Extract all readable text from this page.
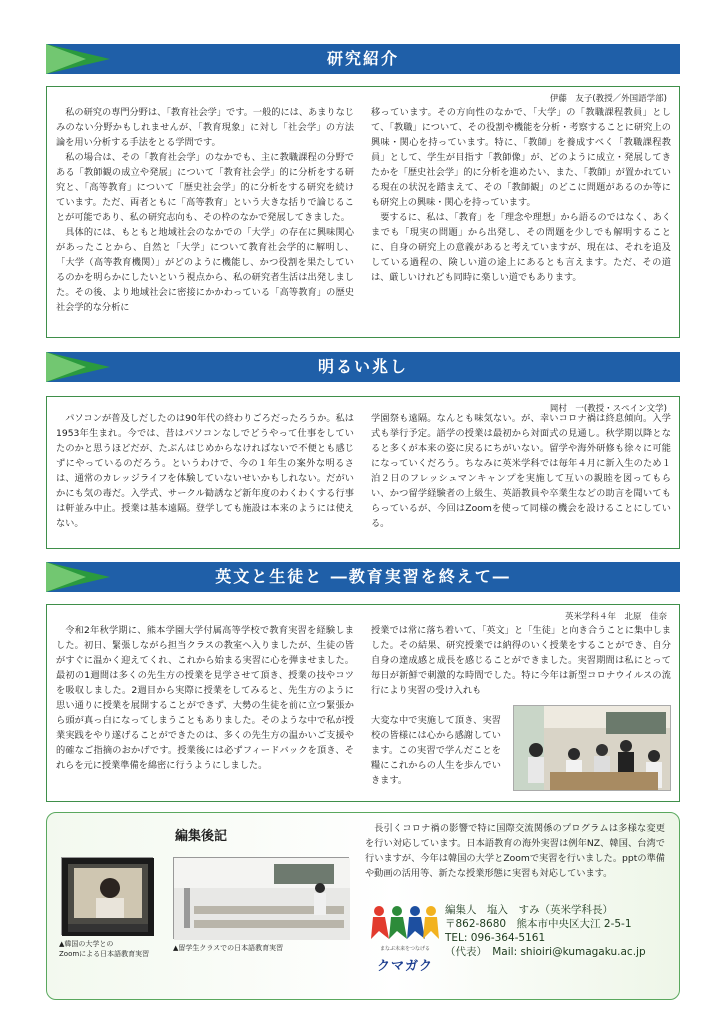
研究紹介
伊藤　友子(教授／外国語学部)

私の研究の専門分野は、「教育社会学」です。一般的には、あまりなじみのない分野かもしれませんが、「教育現象」に対し「社会学」の方法論を用い分析する手法をとる学問です。

私の場合は、その「教育社会学」のなかでも、主に教職課程の分野である「教師観の成立や発展」について「教育社会学」的に分析をする研究と、「高等教育」について「歴史社会学」的に分析をする研究を続けています。ただ、両者ともに「高等教育」という大きな括りで論じることが可能であり、私の研究志向も、その枠のなかで発展してきました。

具体的には、もともと地域社会のなかでの「大学」の存在に興味関心があったことから、自然と「大学」について教育社会学的に解明し、「大学（高等教育機関）」がどのように機能し、かつ役割を果たしているのかを明らかにしたいという視点から、私の研究者生活は出発しました。その後、より地域社会に密接にかかわっている「高等教育」の歴史社会学的な分析に

移っています。その方向性のなかで、「大学」の「教職課程教員」として、「教職」について、その役割や機能を分析・考察することに研究上の興味・関心を持っています。特に、「教師」を養成すべく「教職課程教員」として、学生が目指す「教師像」が、どのように成立・発展してきたかを「歴史社会学」的に分析を進めたい、また、「教師」が置かれている現在の状況を踏まえて、その「教師観」のどこに問題があるのか等にも研究上の興味・関心を持っています。

要するに、私は、「教育」を「理念や理想」から語るのではなく、あくまでも「現実の問題」から出発し、その問題を少しでも解明することに、自身の研究上の意義があると考えていますが、現在は、それを追及している過程の、険しい道の途上にあるとも言えます。ただ、その道は、厳しいけれども同時に楽しい道でもあります。

明るい兆し
岡村　一(教授・スペイン文学)

パソコンが普及しだしたのは90年代の終わりごろだったろうか。私は1953年生まれ。今では、昔はパソコンなしでどうやって仕事をしていたのかと思うほどだが、たぶんはじめからなければないで不便とも感じずにやっているのだろう。というわけで、今の１年生の案外な明るさは、通常のカレッジライフを体験していないせいかもしれない。だがいかにも気の毒だ。入学式、サークル勧誘など新年度のわくわくする行事は軒並み中止。授業は基本遠隔。登学しても施設は本来のようには使えない。

学園祭も遠隔。なんとも味気ない。が、幸いコロナ禍は終息傾向。入学式も挙行予定。語学の授業は最初から対面式の見通し。秋学期以降となると多くが本来の姿に戻るにちがいない。留学や海外研修も徐々に可能になっていくだろう。ちなみに英米学科では毎年４月に新入生のため１泊２日のフレッシュマンキャンプを実施して互いの親睦を図ってもらい、かつ留学経験者の上級生、英語教員や卒業生などの助言を聞いてもらっているが、今回はZoomを使って同様の機会を設けることにしている。

英文と生徒と ―教育実習を終えて―
英米学科４年　北原　佳奈

令和2年秋学期に、熊本学園大学付属高等学校で教育実習を経験しました。初日、緊張しながら担当クラスの教室へ入りましたが、生徒の皆がすぐに温かく迎えてくれ、これから始まる実習に心を弾ませました。最初の1週間は多くの先生方の授業を見学させて頂き、授業の技やコツを吸収しました。2週目から実際に授業をしてみると、先生方のように思い通りに授業を展開することができず、大勢の生徒を前に立つ緊張から頭が真っ白になってしまうこともありました。そのような中で私が授業実践をやり遂げることができたのは、多くの先生方の温かいご支援や的確なご指摘のおかげです。授業後には必ずフィードバックを頂き、それらを元に授業準備を綿密に行うようにしました。

授業では常に落ち着いて、「英文」と「生徒」と向き合うことに集中しました。その結果、研究授業では納得のいく授業をすることができ、自分自身の達成感と成長を感じることができました。実習期間は私にとって毎日が新鮮で刺激的な時間でした。特に今年は新型コロナウイルスの流行により実習の受け入れも

大変な中で実施して頂き、実習校の皆様には心から感謝しています。この実習で学んだことを糧にこれからの人生を歩んでいきます。

編集後記
▲韓国の大学との
Zoomによる日本語教育実習
▲留学生クラスでの日本語教育実習
長引くコロナ禍の影響で特に国際交流関係のプログラムは多様な変更を行い対応しています。日本語教育の海外実習は例年NZ、韓国、台湾で行いますが、今年は韓国の大学とZoomで実習を行いました。pptの準備や動画の活用等、新たな授業形態に実習も対応しています。
まなぶ未来をつなげる
クマガク
編集人　塩入　すみ（英米学科長）
〒862-8680　熊本市中央区大江 2-5-1
TEL: 096-364-5161
（代表）　Mail: shioiri@kumagaku.ac.jp
